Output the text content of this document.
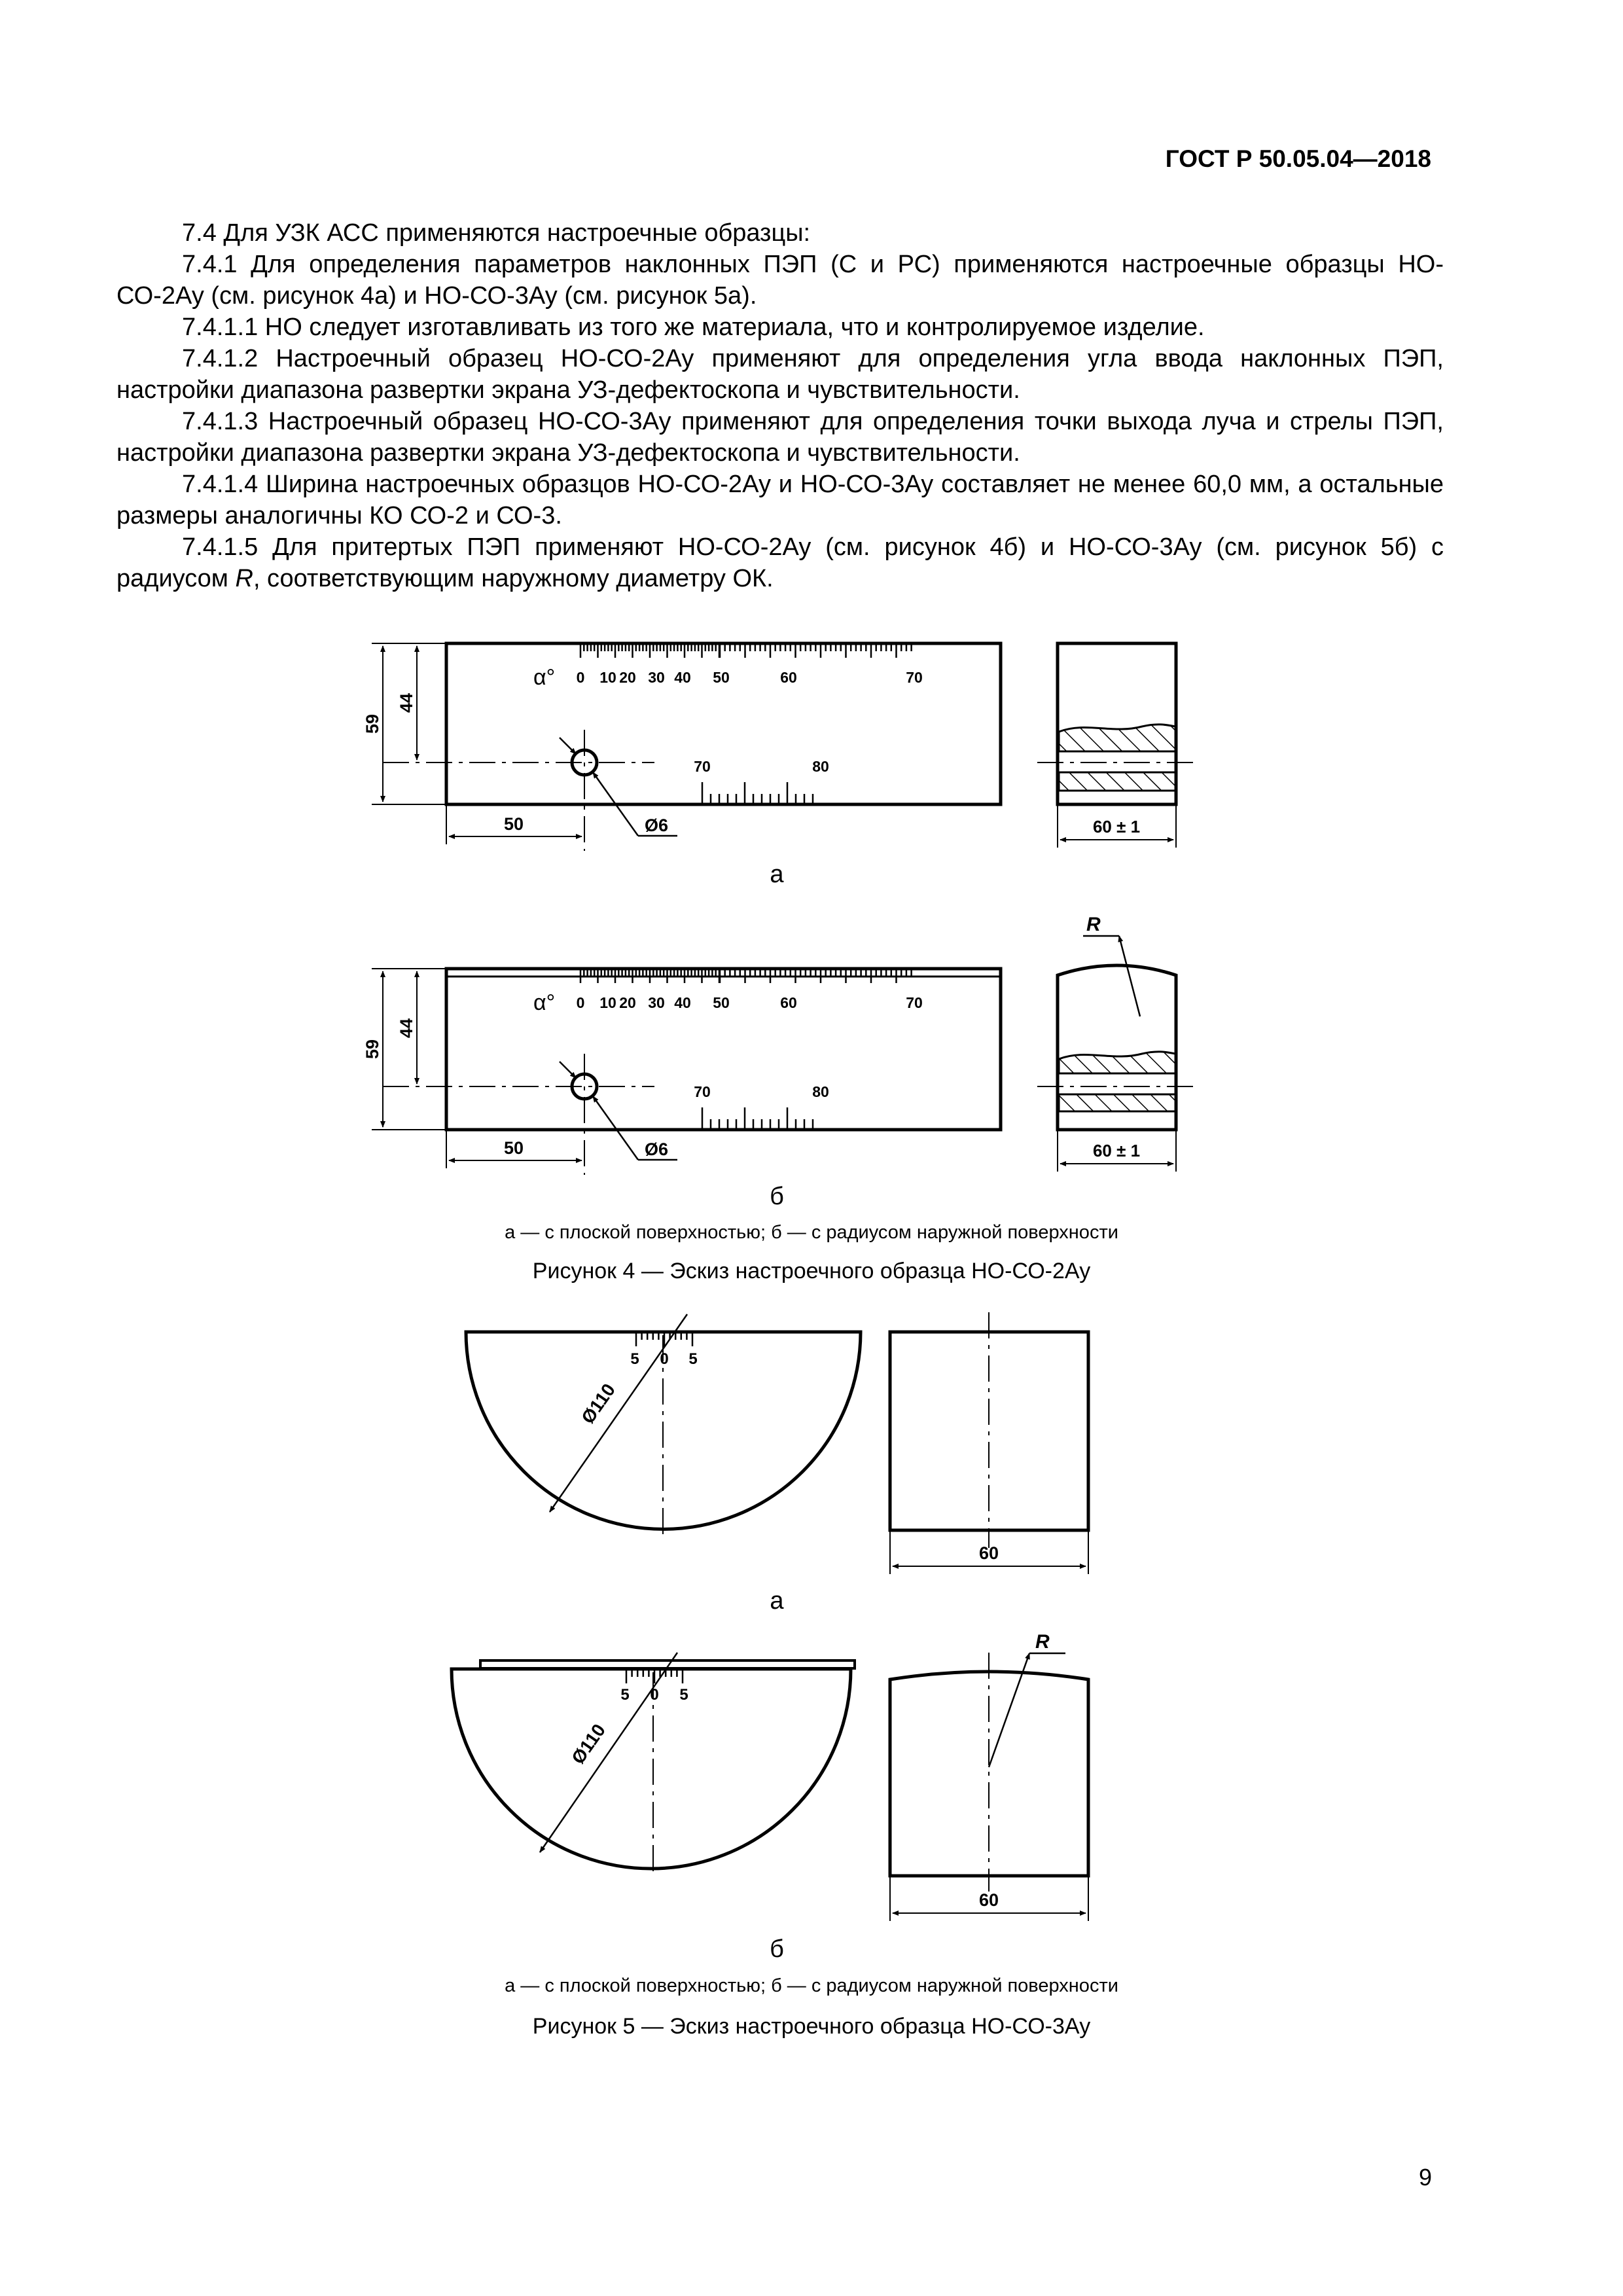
ГОСТ Р 50.05.04—2018

7.4 Для УЗК АСС применяются настроечные образцы:

7.4.1 Для определения параметров наклонных ПЭП (С и РС) применяются настроечные образцы НО-СО-2Ау (см. рисунок 4а) и НО-СО-3Ау (см. рисунок 5а).

7.4.1.1 НО следует изготавливать из того же материала, что и контролируемое изделие.

7.4.1.2 Настроечный образец НО-СО-2Ау применяют для определения угла ввода наклонных ПЭП, настройки диапазона развертки экрана УЗ-дефектоскопа и чувствительности.

7.4.1.3 Настроечный образец НО-СО-3Ау применяют для определения точки выхода луча и стрелы ПЭП, настройки диапазона развертки экрана УЗ-дефектоскопа и чувствительности.

7.4.1.4 Ширина настроечных образцов НО-СО-2Ау и НО-СО-3Ау составляет не менее 60,0 мм, а остальные размеры аналогичны КО СО-2 и СО-3.

7.4.1.5 Для притертых ПЭП применяют НО-СО-2Ау (см. рисунок 4б) и НО-СО-3Ау (см. рисунок 5б) с радиусом R, соответствующим наружному диаметру ОК.

α° 0 10 20 30 40 50	60	70
70	80
Ø6
59
44
50	60 ± 1
а
α° 0 10 20 30 40 50	60	70
70	80
Ø6
59
44
50
R
60 ± 1
б
5 0 5
Ø110
60
а
5 0 5
Ø110
R
60
б
а — с плоской поверхностью; б — с радиусом наружной поверхности
Рисунок 4 — Эскиз настроечного образца НО-СО-2Ау
а — с плоской поверхностью; б — с радиусом наружной поверхности
Рисунок 5 — Эскиз настроечного образца НО-СО-3Ау
9
